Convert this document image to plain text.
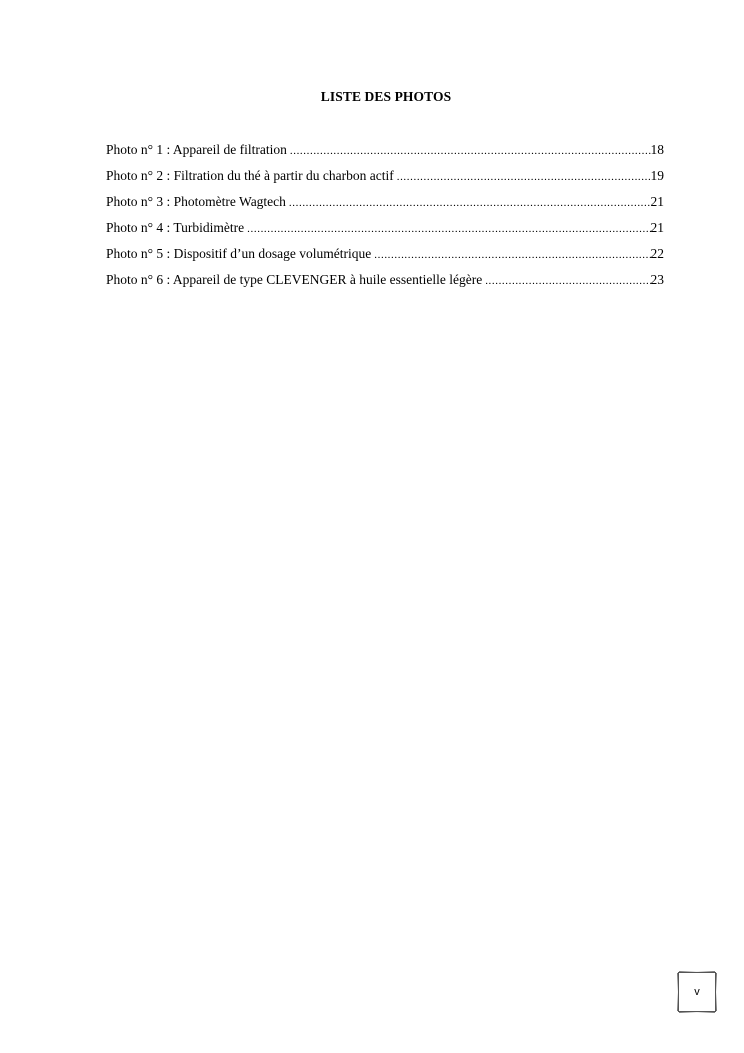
LISTE DES PHOTOS
Photo n° 1 : Appareil de filtration .....	18
Photo n° 2 : Filtration du thé à partir du charbon actif .....	19
Photo n° 3 : Photomètre Wagtech .....	21
Photo n° 4 : Turbidimètre .....	21
Photo n° 5 : Dispositif d’un dosage volumétrique .....	22
Photo n° 6 : Appareil de type CLEVENGER à huile essentielle légère .....	23
v
